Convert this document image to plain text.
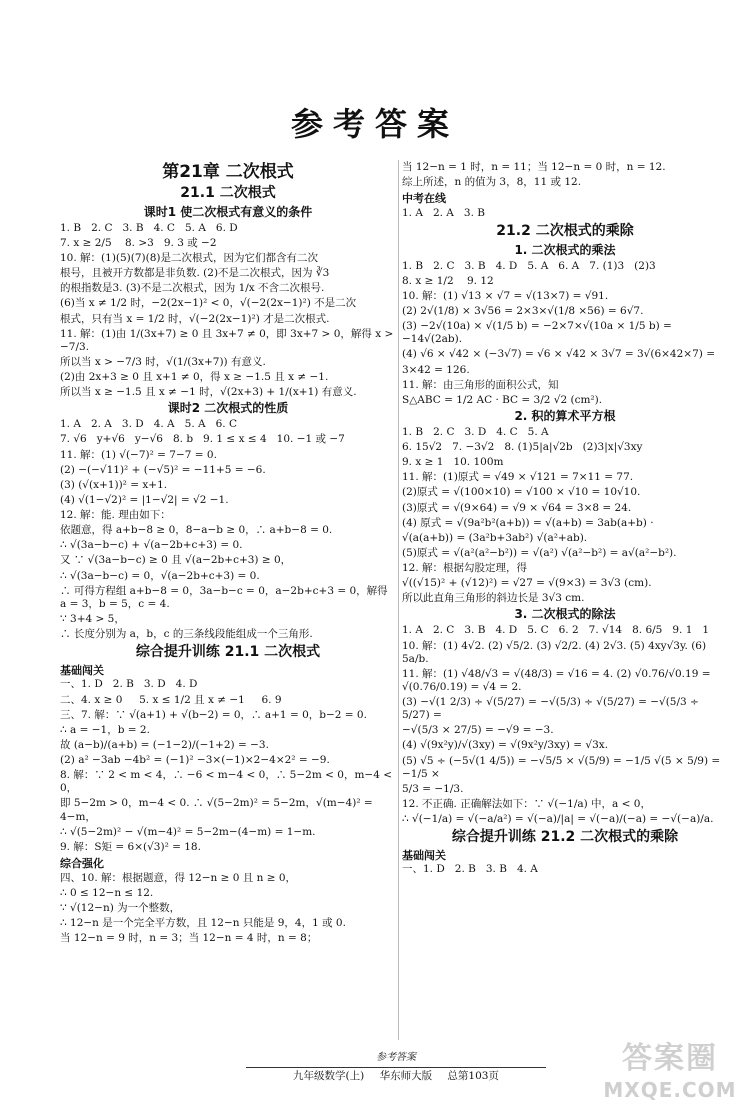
参考答案
第21章 二次根式
21.1 二次根式
课时1 使二次根式有意义的条件

1. B   2. C   3. B   4. C   5. A   6. D

7. x ≥ 2/5    8. >3   9. 3 或 −2

10. 解：(1)(5)(7)(8)是二次根式，因为它们都含有二次

根号，且被开方数都是非负数. (2)不是二次根式，因为 ∛3

的根指数是3. (3)不是二次根式，因为 1/x 不含二次根号.

(6)当 x ≠ 1/2 时，−2(2x−1)² < 0，√(−2(2x−1)²) 不是二次

根式，只有当 x = 1/2 时，√(−2(2x−1)²) 才是二次根式.

11. 解：(1)由 1/(3x+7) ≥ 0 且 3x+7 ≠ 0，即 3x+7 > 0，解得 x > −7/3.

所以当 x > −7/3 时，√(1/(3x+7)) 有意义.

(2)由 2x+3 ≥ 0 且 x+1 ≠ 0，得 x ≥ −1.5 且 x ≠ −1.

所以当 x ≥ −1.5 且 x ≠ −1 时，√(2x+3) + 1/(x+1) 有意义.

课时2 二次根式的性质

1. A   2. A   3. D   4. A   5. A   6. C

7. √6   y+√6   y−√6   8. b   9. 1 ≤ x ≤ 4   10. −1 或 −7

11. 解：(1) √(−7)² = 7−7 = 0.

(2) −(−√11)² + (−√5)² = −11+5 = −6.

(3) (√(x+1))² = x+1.

(4) √(1−√2)² = |1−√2| = √2 −1.

12. 解：能. 理由如下：

依题意，得 a+b−8 ≥ 0，8−a−b ≥ 0，∴ a+b−8 = 0.

∴ √(3a−b−c) + √(a−2b+c+3) = 0.

又 ∵ √(3a−b−c) ≥ 0 且 √(a−2b+c+3) ≥ 0，

∴ √(3a−b−c) = 0，√(a−2b+c+3) = 0.

∴ 可得方程组 a+b−8 = 0，3a−b−c = 0，a−2b+c+3 = 0，解得 a = 3，b = 5，c = 4.

∵ 3+4 > 5，

∴ 长度分别为 a，b，c 的三条线段能组成一个三角形.

综合提升训练 21.1 二次根式
基础闯关

一、1. D   2. B   3. D   4. D

二、4. x ≥ 0     5. x ≤ 1/2 且 x ≠ −1     6. 9

三、7. 解：∵ √(a+1) + √(b−2) = 0，∴ a+1 = 0，b−2 = 0.

∴ a = −1，b = 2.

故 (a−b)/(a+b) = (−1−2)/(−1+2) = −3.

(2) a² −3ab −4b² = (−1)² −3×(−1)×2−4×2² = −9.

8. 解：∵ 2 < m < 4，∴ −6 < m−4 < 0，∴ 5−2m < 0，m−4 < 0，

即 5−2m > 0，m−4 < 0. ∴ √(5−2m)² = 5−2m，√(m−4)² = 4−m，

∴ √(5−2m)² − √(m−4)² = 5−2m−(4−m) = 1−m.

9. 解：S矩 = 6×(√3)² = 18.

综合强化

四、10. 解：根据题意，得 12−n ≥ 0 且 n ≥ 0，

∴ 0 ≤ 12−n ≤ 12.

∵ √(12−n) 为一个整数，

∴ 12−n 是一个完全平方数，且 12−n 只能是 9，4，1 或 0.

当 12−n = 9 时，n = 3；当 12−n = 4 时，n = 8；

当 12−n = 1 时，n = 11；当 12−n = 0 时，n = 12.

综上所述，n 的值为 3，8，11 或 12.

中考在线

1. A   2. A   3. B

21.2 二次根式的乘除
1. 二次根式的乘法

1. B   2. C   3. B   4. D   5. A   6. A   7. (1)3   (2)3

8. x ≥ 1/2    9. 12

10. 解：(1) √13 × √7 = √(13×7) = √91.

(2) 2√(1/8) × 3√56 = 2×3×√(1/8 ×56) = 6√7.

(3) −2√(10a) × √(1/5 b) = −2×7×√(10a × 1/5 b) = −14√(2ab).

(4) √6 × √42 × (−3√7) = √6 × √42 × 3√7 = 3√(6×42×7) =

3×42 = 126.

11. 解：由三角形的面积公式，知

S△ABC = 1/2 AC · BC = 3/2 √2 (cm²).

2. 积的算术平方根

1. B   2. C   3. D   4. C   5. A

6. 15√2   7. −3√2   8. (1)5|a|√2b   (2)3|x|√3xy

9. x ≥ 1   10. 100m

11. 解：(1)原式 = √49 × √121 = 7×11 = 77.

(2)原式 = √(100×10) = √100 × √10 = 10√10.

(3)原式 = √(9×64) = √9 × √64 = 3×8 = 24.

(4) 原式 = √(9a²b²(a+b)) = √(a+b) = 3ab(a+b) ·

√(a(a+b)) = (3a²b+3ab²) √(a²+ab).

(5)原式 = √(a²(a²−b²)) = √(a²) √(a²−b²) = a√(a²−b²).

12. 解：根据勾股定理，得

√((√15)² + (√12)²) = √27 = √(9×3) = 3√3 (cm).

所以此直角三角形的斜边长是 3√3 cm.

3. 二次根式的除法

1. A   2. C   3. B   4. D   5. C   6. 2   7. √14   8. 6/5   9. 1   1

10. 解：(1) 4√2. (2) √5/2. (3) √2/2. (4) 2√3. (5) 4xy√3y. (6) 5a/b.

11. 解：(1) √48/√3 = √(48/3) = √16 = 4. (2) √0.76/√0.19 = √(0.76/0.19) = √4 = 2.

(3) −√(1 2/3) ÷ √(5/27) = −√(5/3) ÷ √(5/27) = −√(5/3 ÷ 5/27) =

−√(5/3 × 27/5) = −√9 = −3.

(4) √(9x²y)/√(3xy) = √(9x²y/3xy) = √3x.

(5) √5 ÷ (−5√(1 4/5)) = −√5/5 × √(5/9) = −1/5 √(5 × 5/9) = −1/5 ×

5/3 = −1/3.

12. 不正确. 正确解法如下：∵ √(−1/a) 中，a < 0，

∴ √(−1/a) = √(−a/a²) = √(−a)/|a| = √(−a)/(−a) = −√(−a)/a.

综合提升训练 21.2 二次根式的乘除
基础闯关

一、1. D   2. B   3. B   4. A

参考答案
九年级数学(上) 华东师大版 总第103页	答案圈
MXQE.COM
